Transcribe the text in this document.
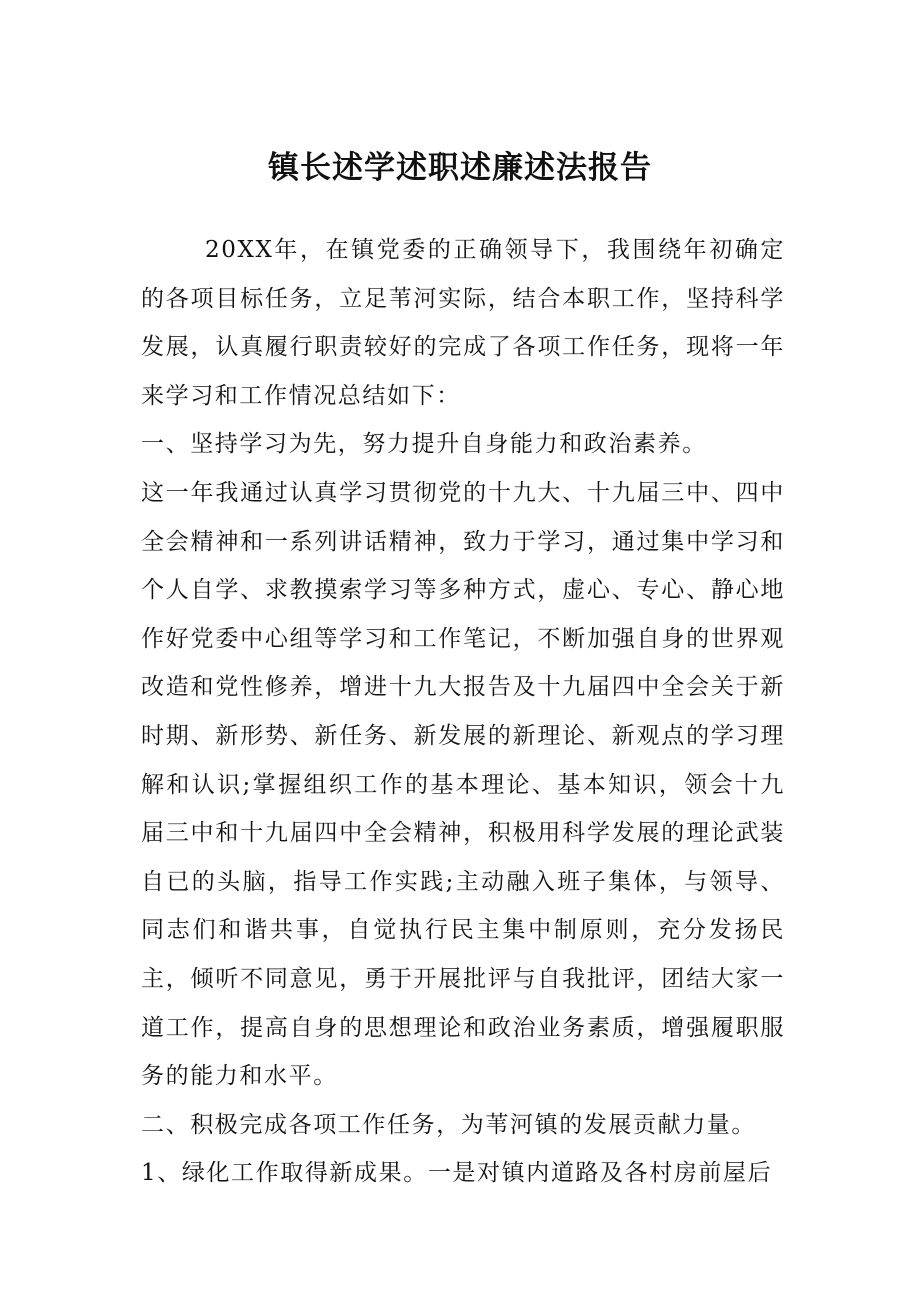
镇长述学述职述廉述法报告

20XX年，在镇党委的正确领导下，我围绕年初确定的各项目标任务，立足苇河实际，结合本职工作，坚持科学发展，认真履行职责较好的完成了各项工作任务，现将一年来学习和工作情况总结如下：

一、坚持学习为先，努力提升自身能力和政治素养。

这一年我通过认真学习贯彻党的十九大、十九届三中、四中全会精神和一系列讲话精神，致力于学习，通过集中学习和个人自学、求教摸索学习等多种方式，虚心、专心、静心地作好党委中心组等学习和工作笔记，不断加强自身的世界观改造和党性修养，增进十九大报告及十九届四中全会关于新时期、新形势、新任务、新发展的新理论、新观点的学习理解和认识;掌握组织工作的基本理论、基本知识，领会十九届三中和十九届四中全会精神，积极用科学发展的理论武装自已的头脑，指导工作实践;主动融入班子集体，与领导、同志们和谐共事，自觉执行民主集中制原则，充分发扬民主，倾听不同意见，勇于开展批评与自我批评，团结大家一道工作，提高自身的思想理论和政治业务素质，增强履职服务的能力和水平。

二、积极完成各项工作任务，为苇河镇的发展贡献力量。

1、绿化工作取得新成果。一是对镇内道路及各村房前屋后
